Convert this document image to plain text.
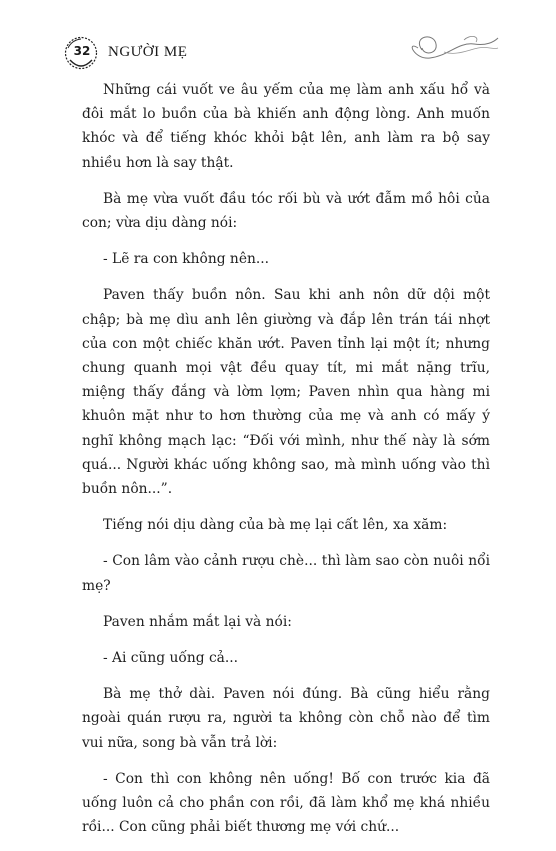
32 NGƯỜI MẸ

Những cái vuốt ve âu yếm của mẹ làm anh xấu hổ và đôi mắt lo buồn của bà khiến anh động lòng. Anh muốn khóc và để tiếng khóc khỏi bật lên, anh làm ra bộ say nhiều hơn là say thật.

Bà mẹ vừa vuốt đầu tóc rối bù và ướt đẫm mồ hôi của con; vừa dịu dàng nói:

- Lẽ ra con không nên...

Paven thấy buồn nôn. Sau khi anh nôn dữ dội một chập; bà mẹ dìu anh lên giường và đắp lên trán tái nhợt của con một chiếc khăn ướt. Paven tỉnh lại một ít; nhưng chung quanh mọi vật đều quay tít, mi mắt nặng trĩu, miệng thấy đắng và lờm lợm; Paven nhìn qua hàng mi khuôn mặt như to hơn thường của mẹ và anh có mấy ý nghĩ không mạch lạc: “Đối với mình, như thế này là sớm quá... Người khác uống không sao, mà mình uống vào thì buồn nôn...”.

Tiếng nói dịu dàng của bà mẹ lại cất lên, xa xăm:

- Con lâm vào cảnh rượu chè... thì làm sao còn nuôi nổi mẹ?

Paven nhắm mắt lại và nói:

- Ai cũng uống cả...

Bà mẹ thở dài. Paven nói đúng. Bà cũng hiểu rằng ngoài quán rượu ra, người ta không còn chỗ nào để tìm vui nữa, song bà vẫn trả lời:

- Con thì con không nên uống! Bố con trước kia đã uống luôn cả cho phần con rồi, đã làm khổ mẹ khá nhiều rồi... Con cũng phải biết thương mẹ với chứ...
